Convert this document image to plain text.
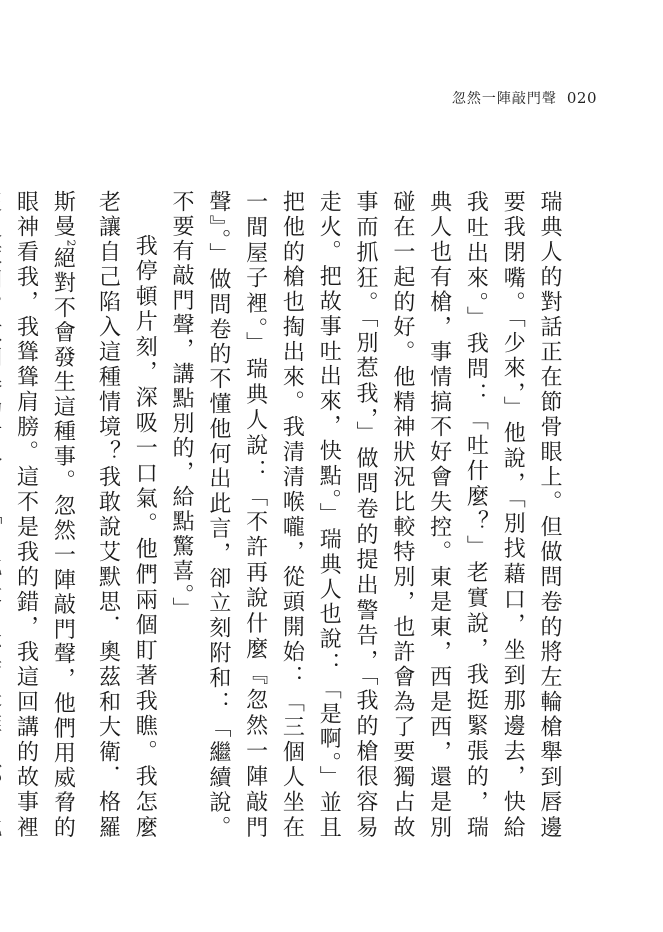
忽然一陣敲門聲 020

瑞典人的對話正在節骨眼上。但做問卷的將左輪槍舉到唇邊要我閉嘴。「少來，」他說，「別找藉口，坐到那邊去，快給我吐出來。」我問：「吐什麼？」老實說，我挺緊張的，瑞典人也有槍，事情搞不好會失控。東是東，西是西，還是別碰在一起的好。他精神狀況比較特別，也許會為了要獨占故事而抓狂。「別惹我，」做問卷的提出警告，「我的槍很容易走火。把故事吐出來，快點。」瑞典人也說：「是啊。」並且把他的槍也掏出來。我清清喉嚨，從頭開始：「三個人坐在一間屋子裡。」瑞典人說：「不許再說什麼『忽然一陣敲門聲』。」做問卷的不懂他何出此言，卻立刻附和：「繼續說。不要有敲門聲，講點別的，給點驚喜。」

我停頓片刻，深吸一口氣。他們兩個盯著我瞧。我怎麼老讓自己陷入這種情境？我敢說艾默思．奧茲和大衛．格羅斯曼$^2$絕對不會發生這種事。忽然一陣敲門聲，他們用威脅的眼神看我，我聳聳肩膀。這不是我的錯，我這回講的故事裡
